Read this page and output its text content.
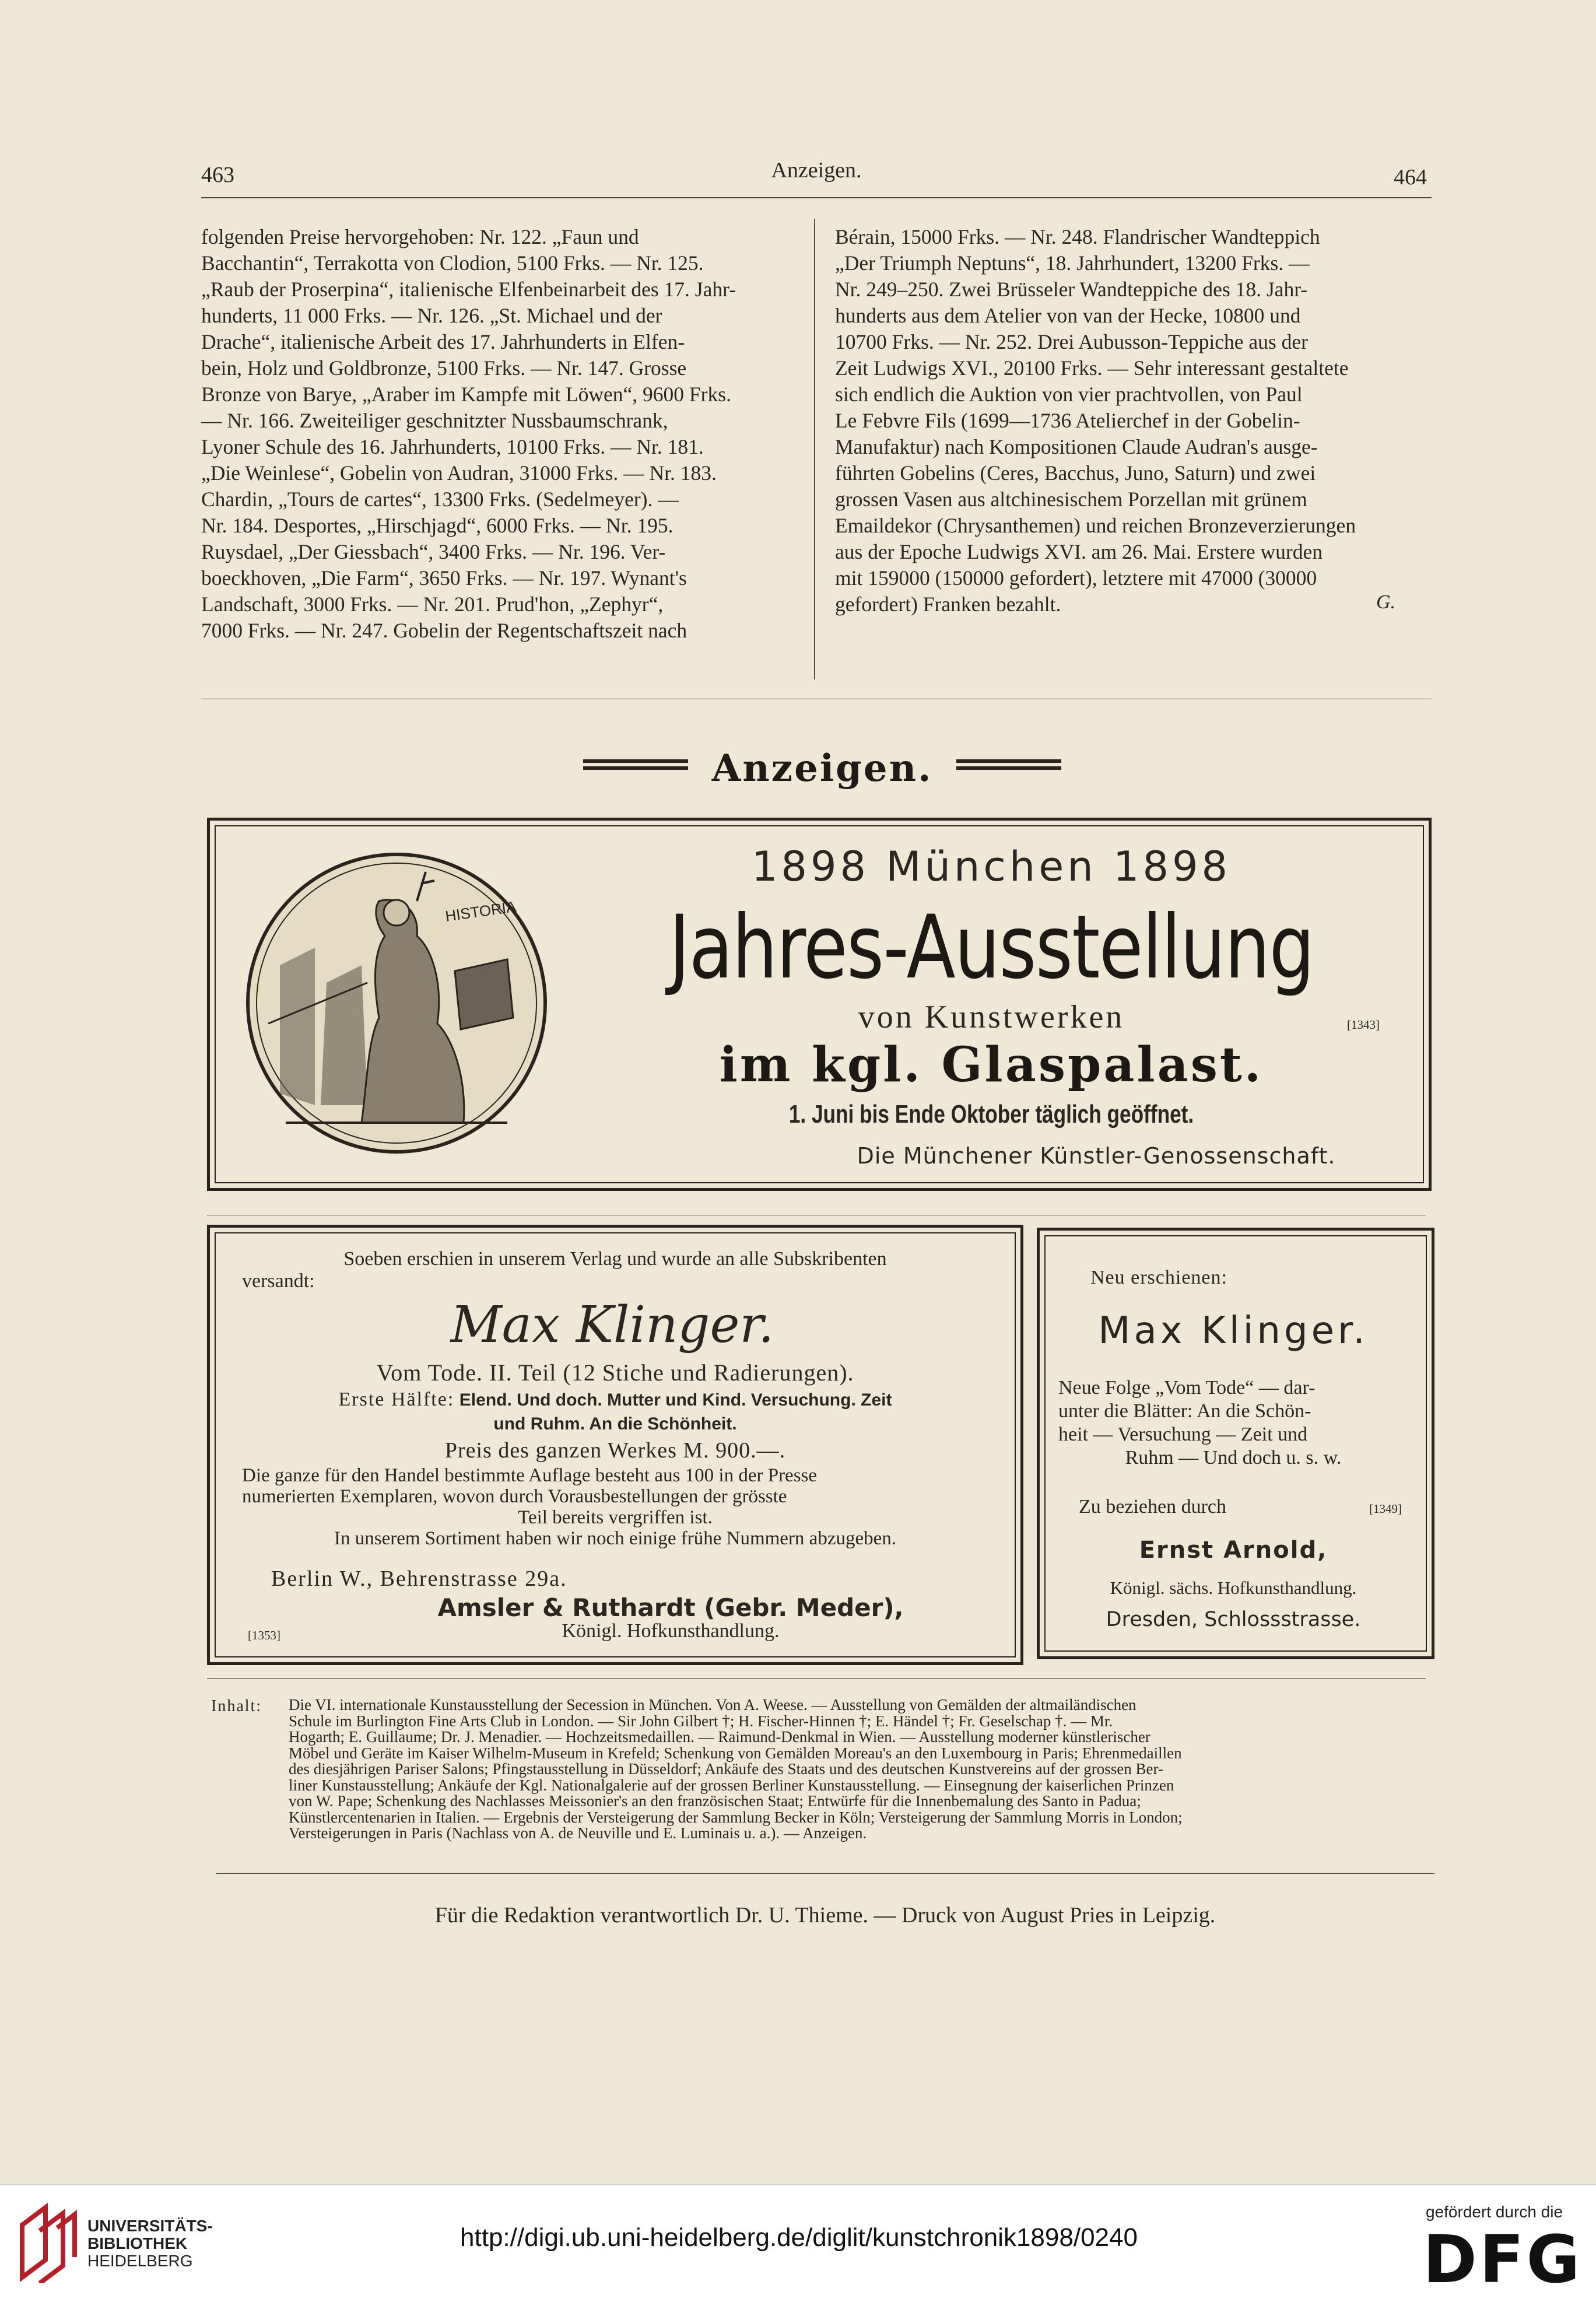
463	Anzeigen.	464

folgenden Preise hervorgehoben: Nr. 122. „Faun und

Bacchantin“, Terrakotta von Clodion, 5100 Frks. — Nr. 125.

„Raub der Proserpina“, italienische Elfenbeinarbeit des 17. Jahr-

hunderts, 11 000 Frks. — Nr. 126. „St. Michael und der

Drache“, italienische Arbeit des 17. Jahrhunderts in Elfen-

bein, Holz und Goldbronze, 5100 Frks. — Nr. 147. Grosse

Bronze von Barye, „Araber im Kampfe mit Löwen“, 9600 Frks.

— Nr. 166. Zweiteiliger geschnitzter Nussbaumschrank,

Lyoner Schule des 16. Jahrhunderts, 10100 Frks. — Nr. 181.

„Die Weinlese“, Gobelin von Audran, 31000 Frks. — Nr. 183.

Chardin, „Tours de cartes“, 13300 Frks. (Sedelmeyer). —

Nr. 184. Desportes, „Hirschjagd“, 6000 Frks. — Nr. 195.

Ruysdael, „Der Giessbach“, 3400 Frks. — Nr. 196. Ver-

boeckhoven, „Die Farm“, 3650 Frks. — Nr. 197. Wynant's

Landschaft, 3000 Frks. — Nr. 201. Prud'hon, „Zephyr“,

7000 Frks. — Nr. 247. Gobelin der Regentschaftszeit nach

Bérain, 15000 Frks. — Nr. 248. Flandrischer Wandteppich

„Der Triumph Neptuns“, 18. Jahrhundert, 13200 Frks. —

Nr. 249–250. Zwei Brüsseler Wandteppiche des 18. Jahr-

hunderts aus dem Atelier von van der Hecke, 10800 und

10700 Frks. — Nr. 252. Drei Aubusson-Teppiche aus der

Zeit Ludwigs XVI., 20100 Frks. — Sehr interessant gestaltete

sich endlich die Auktion von vier prachtvollen, von Paul

Le Febvre Fils (1699—1736 Atelierchef in der Gobelin-

Manufaktur) nach Kompositionen Claude Audran's ausge-

führten Gobelins (Ceres, Bacchus, Juno, Saturn) und zwei

grossen Vasen aus altchinesischem Porzellan mit grünem

Emaildekor (Chrysanthemen) und reichen Bronzeverzierungen

aus der Epoche Ludwigs XVI. am 26. Mai. Erstere wurden

mit 159000 (150000 gefordert), letztere mit 47000 (30000

gefordert) Franken bezahlt.	G.
Anzeigen.
HISTORIA
1898 München 1898
Jahres-Ausstellung
von Kunstwerken	[1343]
im kgl. Glaspalast.
1. Juni bis Ende Oktober täglich geöffnet.
Die Münchener Künstler-Genossenschaft.
Soeben erschien in unserem Verlag und wurde an alle Subskribenten
versandt:
Max Klinger.
Vom Tode. II. Teil (12 Stiche und Radierungen).
Erste Hälfte: Elend. Und doch. Mutter und Kind. Versuchung. Zeit
und Ruhm. An die Schönheit.
Preis des ganzen Werkes M. 900.—.
Die ganze für den Handel bestimmte Auflage besteht aus 100 in der Presse
numerierten Exemplaren, wovon durch Vorausbestellungen der grösste
Teil bereits vergriffen ist.
In unserem Sortiment haben wir noch einige frühe Nummern abzugeben.
Berlin W., Behrenstrasse 29a.
Amsler & Ruthardt (Gebr. Meder),
Königl. Hofkunsthandlung.
[1353]
Neu erschienen:
Max Klinger.
Neue Folge „Vom Tode“ — dar-
unter die Blätter: An die Schön-
heit — Versuchung — Zeit und
Ruhm — Und doch u. s. w.
Zu beziehen durch	[1349]
Ernst Arnold,
Königl. sächs. Hofkunsthandlung.
Dresden, Schlossstrasse.
Inhalt: Die VI. internationale Kunstausstellung der Secession in München. Von A. Weese. — Ausstellung von Gemälden der altmailändischen
Schule im Burlington Fine Arts Club in London. — Sir John Gilbert †; H. Fischer-Hinnen †; E. Händel †; Fr. Geselschap †. — Mr.
Hogarth; E. Guillaume; Dr. J. Menadier. — Hochzeitsmedaillen. — Raimund-Denkmal in Wien. — Ausstellung moderner künstlerischer
Möbel und Geräte im Kaiser Wilhelm-Museum in Krefeld; Schenkung von Gemälden Moreau's an den Luxembourg in Paris; Ehrenmedaillen
des diesjährigen Pariser Salons; Pfingstausstellung in Düsseldorf; Ankäufe des Staats und des deutschen Kunstvereins auf der grossen Ber-
liner Kunstausstellung; Ankäufe der Kgl. Nationalgalerie auf der grossen Berliner Kunstausstellung. — Einsegnung der kaiserlichen Prinzen
von W. Pape; Schenkung des Nachlasses Meissonier's an den französischen Staat; Entwürfe für die Innenbemalung des Santo in Padua;
Künstlercentenarien in Italien. — Ergebnis der Versteigerung der Sammlung Becker in Köln; Versteigerung der Sammlung Morris in London;
Versteigerungen in Paris (Nachlass von A. de Neuville und E. Luminais u. a.). — Anzeigen.
Für die Redaktion verantwortlich Dr. U. Thieme. — Druck von August Pries in Leipzig.
UNIVERSITÄTS-
BIBLIOTHEK
HEIDELBERG
http://digi.ub.uni-heidelberg.de/diglit/kunstchronik1898/0240
gefördert durch die
DFG
